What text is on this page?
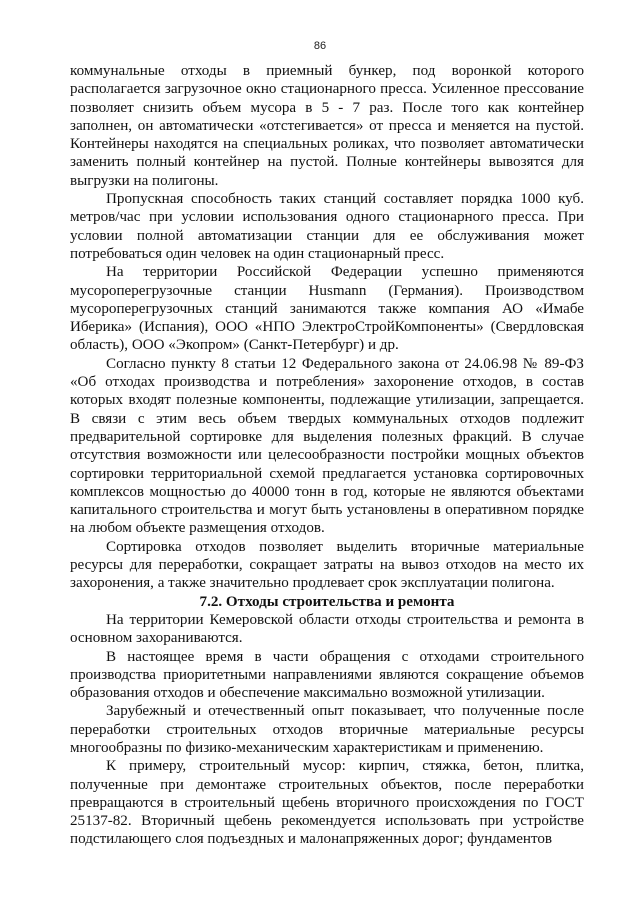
86

коммунальные отходы в приемный бункер, под воронкой которого располагается загрузочное окно стационарного пресса. Усиленное прессование позволяет снизить объем мусора в 5 - 7 раз. После того как контейнер заполнен, он автоматически «отстегивается» от пресса и меняется на пустой. Контейнеры находятся на специальных роликах, что позволяет автоматически заменить полный контейнер на пустой. Полные контейнеры вывозятся для выгрузки на полигоны.

Пропускная способность таких станций составляет порядка 1000 куб. метров/час при условии использования одного стационарного пресса. При условии полной автоматизации станции для ее обслуживания может потребоваться один человек на один стационарный пресс.

На территории Российской Федерации успешно применяются мусороперегрузочные станции Husmann (Германия). Производством мусороперегрузочных станций занимаются также компания АО «Имабе Иберика» (Испания), ООО «НПО ЭлектроСтройКомпоненты» (Свердловская область), ООО «Экопром» (Санкт-Петербург) и др.

Согласно пункту 8 статьи 12 Федерального закона от 24.06.98 № 89-ФЗ «Об отходах производства и потребления» захоронение отходов, в состав которых входят полезные компоненты, подлежащие утилизации, запрещается. В связи с этим весь объем твердых коммунальных отходов подлежит предварительной сортировке для выделения полезных фракций. В случае отсутствия возможности или целесообразности постройки мощных объектов сортировки территориальной схемой предлагается установка сортировочных комплексов мощностью до 40000 тонн в год, которые не являются объектами капитального строительства и могут быть установлены в оперативном порядке на любом объекте размещения отходов.

Сортировка отходов позволяет выделить вторичные материальные ресурсы для переработки, сокращает затраты на вывоз отходов на место их захоронения, а также значительно продлевает срок эксплуатации полигона.

7.2. Отходы строительства и ремонта

На территории Кемеровской области отходы строительства и ремонта в основном захораниваются.

В настоящее время в части обращения с отходами строительного производства приоритетными направлениями являются сокращение объемов образования отходов и обеспечение максимально возможной утилизации.

Зарубежный и отечественный опыт показывает, что полученные после переработки строительных отходов вторичные материальные ресурсы многообразны по физико-механическим характеристикам и применению.

К примеру, строительный мусор: кирпич, стяжка, бетон, плитка, полученные при демонтаже строительных объектов, после переработки превращаются в строительный щебень вторичного происхождения по ГОСТ 25137-82. Вторичный щебень рекомендуется использовать при устройстве подстилающего слоя подъездных и малонапряженных дорог; фундаментов
